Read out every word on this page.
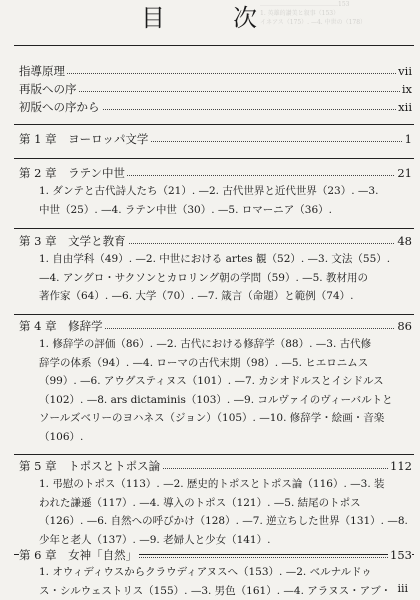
…………………………………153
1. 英雄的讃美と叙事（153）
イネアス（175）. —4. 中世の（178）
目　次
指導原理	vii
再版への序	ix
初版への序から	xii
第 1 章　ヨーロッパ文学	1
第 2 章　ラテン中世	21

1. ダンテと古代詩人たち（21）. —2. 古代世界と近代世界（23）. —3.

中世（25）. —4. ラテン中世（30）. —5. ロマーニア（36）.

第 3 章　文学と教育	48

1. 自由学科（49）. —2. 中世における artes 観（52）. —3. 文法（55）.

—4. アングロ・サクソンとカロリング朝の学問（59）. —5. 教材用の

著作家（64）. —6. 大学（70）. —7. 箴言（命題）と範例（74）.

第 4 章　修辞学	86

1. 修辞学の評価（86）. —2. 古代における修辞学（88）. —3. 古代修

辞学の体系（94）. —4. ローマの古代末期（98）. —5. ヒエロニムス

（99）. —6. アウグスティヌス（101）. —7. カシオドルスとイシドルス

（102）. —8. ars dictaminis（103）. —9. コルヴァイのヴィーバルトと

ソールズベリーのヨハネス（ジョン）（105）. —10. 修辞学・絵画・音楽

（106）.

第 5 章　トポスとトポス論	112

1. 弔慰のトポス（113）. —2. 歴史的トポスとトポス論（116）. —3. 装

われた謙遜（117）. —4. 導入のトポス（121）. —5. 結尾のトポス

（126）. —6. 自然への呼びかけ（128）. —7. 逆立ちした世界（131）. —8.

少年と老人（137）. —9. 老婦人と少女（141）.

第 6 章　女神「自然」	153

1. オウィディウスからクラウディアヌスへ（153）. —2. ベルナルドゥ

ス・シルウェストリス（155）. —3. 男色（161）. —4. アラヌス・アブ・ iii
